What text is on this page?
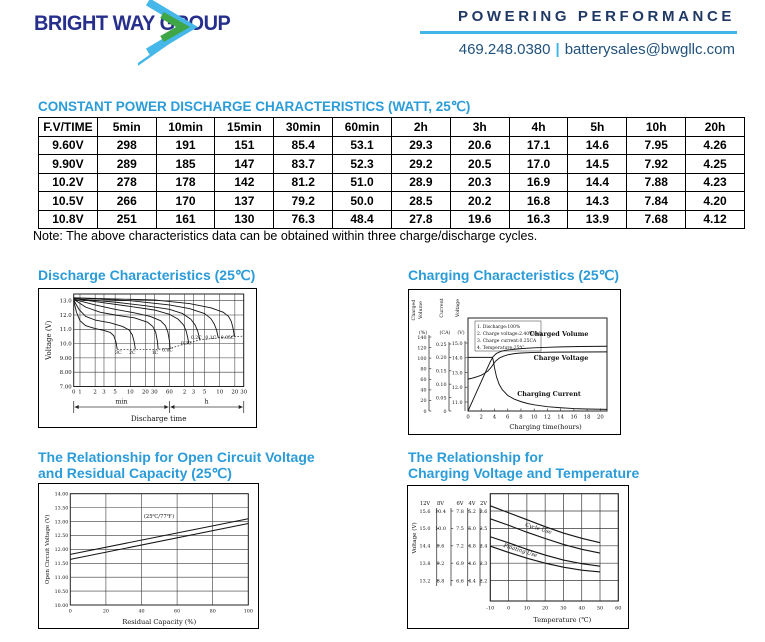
BRIGHT WAY GROUP	POWERING PERFORMANCE
469.248.0380 | batterysales@bwgllc.com
CONSTANT POWER DISCHARGE CHARACTERISTICS (WATT, 25℃)
F.V/TIME	5min	10min	15min	30min	60min	2h	3h	4h	5h	10h	20h
9.60V	298	191	151	85.4	53.1	29.3	20.6	17.1	14.6	7.95	4.26
9.90V	289	185	147	83.7	52.3	29.2	20.5	17.0	14.5	7.92	4.25
10.2V	278	178	142	81.2	51.0	28.9	20.3	16.9	14.4	7.88	4.23
10.5V	266	170	137	79.2	50.0	28.5	20.2	16.8	14.3	7.84	4.20
10.8V	251	161	130	76.3	48.4	27.8	19.6	16.3	13.9	7.68	4.12
Note: The above characteristics data can be obtained within three charge/discharge cycles.
Discharge Characteristics (25℃)	Charging Characteristics (25℃)
The Relationship for Open Circuit Voltage
and Residual Capacity (25℃)
The Relationship for
Charging Voltage and Temperature
13.0
12.0
11.0
10.0
9.00
8.00
7.00
0 1 2 3 5 10 20 30 60 2 3 5 10 20 30
3C 2C	1C 0.6C
0.3C
0.2C 0.1C 0.05C
min	h
Discharge time
Voltage (V)
0 2 4 6 8 10 12 14 16 18 20
Charging time(hours)
140
120
100
80
60
40
20
0
(%)
0.25
0.20
0.15
0.10
0.05
0
(CA)
15.0
14.0
13.0
12.0
11.0
(V)
Charged Volume	Current Voltage
1. Discharge:100%
2. Charge voltage:2.40V/cell
3. Charge current:0.25CA
4. Temperature:25℃
Charged Volume
Charge Voltage
Charging Current
14.00
13.50
13.00
12.50
12.00
11.50
11.00
10.50
10.00
0	20	40	60	80	100
(25℃/77℉)
Residual Capacity (%)
Open Circuit Voltage (V)
-10	0	10 20 30 40 50 60
Temperature (℃)
12V 8V 6V 4V 2V
15.6
15.0
14.4
13.8
13.2
10.4
10.0
9.6
9.2
8.8
7.8
7.5
7.2
6.9
6.6
5.2
5.0
4.8
4.6
4.4
2.6
2.5
2.4
2.3
2.2
Voltage (V)	Cycle Use
Floating Use
